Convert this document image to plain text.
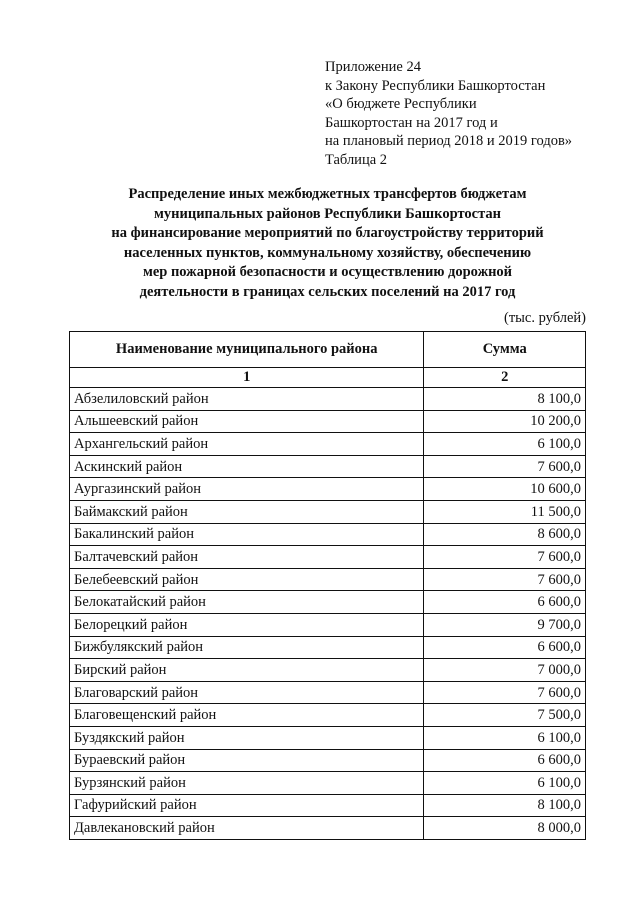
Приложение 24
к Закону Республики Башкортостан
«О бюджете Республики
Башкортостан на 2017 год и
на плановый период 2018 и 2019 годов»
Таблица 2
Распределение иных межбюджетных трансфертов бюджетам
муниципальных районов Республики Башкортостан
на финансирование мероприятий по благоустройству территорий
населенных пунктов, коммунальному хозяйству, обеспечению
мер пожарной безопасности и осуществлению дорожной
деятельности в границах сельских поселений на 2017 год
(тыс. рублей)
Наименование муниципального района	Сумма
1	2
Абзелиловский район	8 100,0
Альшеевский район	10 200,0
Архангельский район	6 100,0
Аскинский район	7 600,0
Аургазинский район	10 600,0
Баймакский район	11 500,0
Бакалинский район	8 600,0
Балтачевский район	7 600,0
Белебеевский район	7 600,0
Белокатайский район	6 600,0
Белорецкий район	9 700,0
Бижбулякский район	6 600,0
Бирский район	7 000,0
Благоварский район	7 600,0
Благовещенский район	7 500,0
Буздякский район	6 100,0
Бураевский район	6 600,0
Бурзянский район	6 100,0
Гафурийский район	8 100,0
Давлекановский район	8 000,0
